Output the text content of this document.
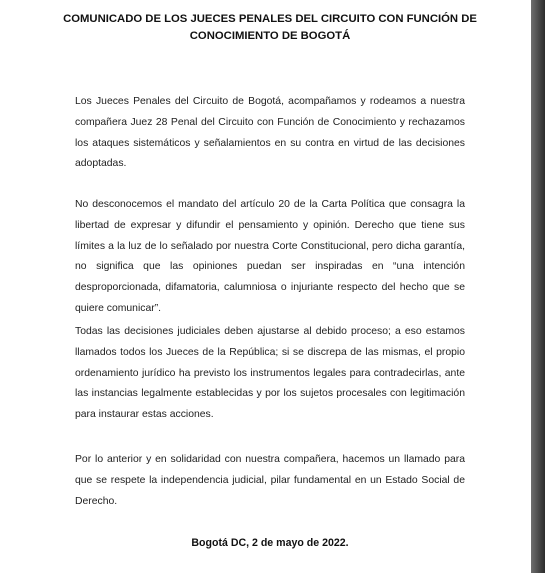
COMUNICADO DE LOS JUECES PENALES DEL CIRCUITO CON FUNCIÓN DE
CONOCIMIENTO DE BOGOTÁ

Los Jueces Penales del Circuito de Bogotá, acompañamos y rodeamos a nuestra compañera Juez 28 Penal del Circuito con Función de Conocimiento y rechazamos los ataques sistemáticos y señalamientos en su contra en virtud de las decisiones adoptadas.

No desconocemos el mandato del artículo 20 de la Carta Política que consagra la libertad de expresar y difundir el pensamiento y opinión. Derecho que tiene sus límites a la luz de lo señalado por nuestra Corte Constitucional, pero dicha garantía, no significa que las opiniones puedan ser inspiradas en “una intención desproporcionada, difamatoria, calumniosa o injuriante respecto del hecho que se quiere comunicar”.

Todas las decisiones judiciales deben ajustarse al debido proceso; a eso estamos llamados todos los Jueces de la República; si se discrepa de las mismas, el propio ordenamiento jurídico ha previsto los instrumentos legales para contradecirlas, ante las instancias legalmente establecidas y por los sujetos procesales con legitimación para instaurar estas acciones.

Por lo anterior y en solidaridad con nuestra compañera, hacemos un llamado para que se respete la independencia judicial, pilar fundamental en un Estado Social de Derecho.

Bogotá DC, 2 de mayo de 2022.
